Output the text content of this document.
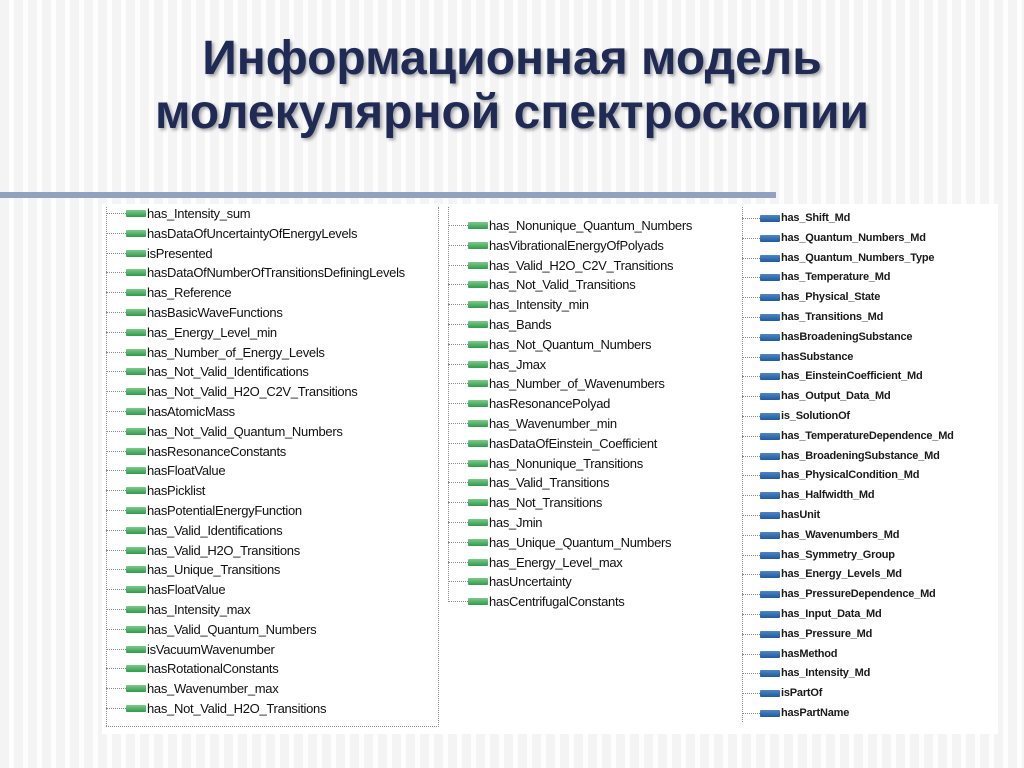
Информационная модель
молекулярной спектроскопии
has_Intensity_sum
hasDataOfUncertaintyOfEnergyLevels
isPresented
hasDataOfNumberOfTransitionsDefiningLevels
has_Reference
hasBasicWaveFunctions
has_Energy_Level_min
has_Number_of_Energy_Levels
has_Not_Valid_Identifications
has_Not_Valid_H2O_C2V_Transitions
hasAtomicMass
has_Not_Valid_Quantum_Numbers
hasResonanceConstants
hasFloatValue
hasPicklist
hasPotentialEnergyFunction
has_Valid_Identifications
has_Valid_H2O_Transitions
has_Unique_Transitions
hasFloatValue
has_Intensity_max
has_Valid_Quantum_Numbers
isVacuumWavenumber
hasRotationalConstants
has_Wavenumber_max
has_Not_Valid_H2O_Transitions
has_Nonunique_Quantum_Numbers
hasVibrationalEnergyOfPolyads
has_Valid_H2O_C2V_Transitions
has_Not_Valid_Transitions
has_Intensity_min
has_Bands
has_Not_Quantum_Numbers
has_Jmax
has_Number_of_Wavenumbers
hasResonancePolyad
has_Wavenumber_min
hasDataOfEinstein_Coefficient
has_Nonunique_Transitions
has_Valid_Transitions
has_Not_Transitions
has_Jmin
has_Unique_Quantum_Numbers
has_Energy_Level_max
hasUncertainty
hasCentrifugalConstants
has_Shift_Md
has_Quantum_Numbers_Md
has_Quantum_Numbers_Type
has_Temperature_Md
has_Physical_State
has_Transitions_Md
hasBroadeningSubstance
hasSubstance
has_EinsteinCoefficient_Md
has_Output_Data_Md
is_SolutionOf
has_TemperatureDependence_Md
has_BroadeningSubstance_Md
has_PhysicalCondition_Md
has_Halfwidth_Md
hasUnit
has_Wavenumbers_Md
has_Symmetry_Group
has_Energy_Levels_Md
has_PressureDependence_Md
has_Input_Data_Md
has_Pressure_Md
hasMethod
has_Intensity_Md
isPartOf
hasPartName
